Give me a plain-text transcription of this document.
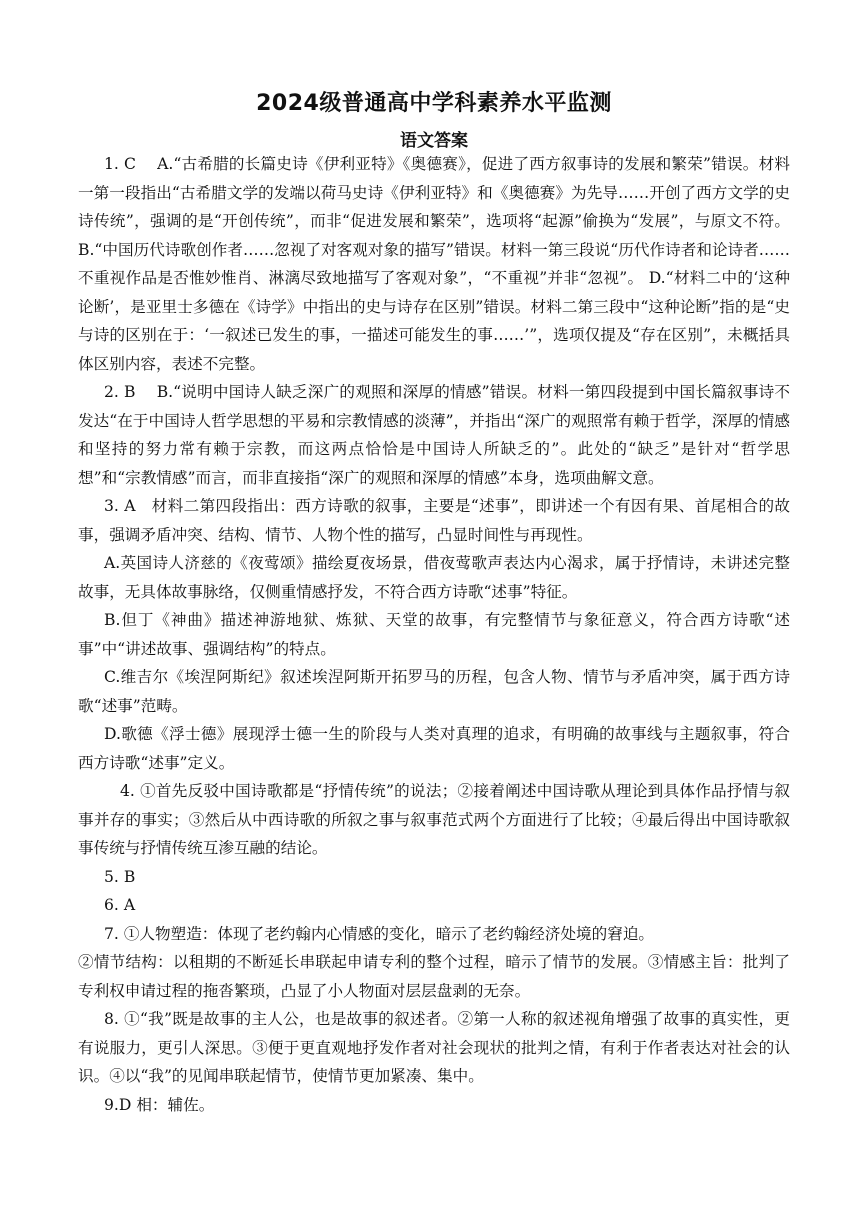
2024级普通高中学科素养水平监测
语文答案

1. C　 A.“古希腊的长篇史诗《伊利亚特》《奥德赛》，促进了西方叙事诗的发展和繁荣”错误。材料一第一段指出“古希腊文学的发端以荷马史诗《伊利亚特》和《奥德赛》为先导……开创了西方文学的史诗传统”，强调的是“开创传统”，而非“促进发展和繁荣”，选项将“起源”偷换为“发展”，与原文不符。B.“中国历代诗歌创作者……忽视了对客观对象的描写”错误。材料一第三段说“历代作诗者和论诗者……不重视作品是否惟妙惟肖、淋漓尽致地描写了客观对象”，“不重视”并非“忽视”。 D.“材料二中的‘这种论断’，是亚里士多德在《诗学》中指出的史与诗存在区别”错误。材料二第三段中“这种论断”指的是“史与诗的区别在于：‘一叙述已发生的事，一描述可能发生的事……’”，选项仅提及“存在区别”，未概括具体区别内容，表述不完整。

2. B　 B.“说明中国诗人缺乏深广的观照和深厚的情感”错误。材料一第四段提到中国长篇叙事诗不发达“在于中国诗人哲学思想的平易和宗教情感的淡薄”，并指出“深广的观照常有赖于哲学，深厚的情感和坚持的努力常有赖于宗教，而这两点恰恰是中国诗人所缺乏的”。此处的“缺乏”是针对“哲学思想”和“宗教情感”而言，而非直接指“深广的观照和深厚的情感”本身，选项曲解文意。

3. A　材料二第四段指出：西方诗歌的叙事，主要是“述事”，即讲述一个有因有果、首尾相合的故事，强调矛盾冲突、结构、情节、人物个性的描写，凸显时间性与再现性。

A.英国诗人济慈的《夜莺颂》描绘夏夜场景，借夜莺歌声表达内心渴求，属于抒情诗，未讲述完整故事，无具体故事脉络，仅侧重情感抒发，不符合西方诗歌“述事”特征。

B.但丁《神曲》描述神游地狱、炼狱、天堂的故事，有完整情节与象征意义，符合西方诗歌“述事”中“讲述故事、强调结构”的特点。

C.维吉尔《埃涅阿斯纪》叙述埃涅阿斯开拓罗马的历程，包含人物、情节与矛盾冲突，属于西方诗歌“述事”范畴。

D.歌德《浮士德》展现浮士德一生的阶段与人类对真理的追求，有明确的故事线与主题叙事，符合西方诗歌“述事”定义。

4. ①首先反驳中国诗歌都是“抒情传统”的说法；②接着阐述中国诗歌从理论到具体作品抒情与叙事并存的事实；③然后从中西诗歌的所叙之事与叙事范式两个方面进行了比较；④最后得出中国诗歌叙事传统与抒情传统互渗互融的结论。

5. B

6. A

7. ①人物塑造：体现了老约翰内心情感的变化，暗示了老约翰经济处境的窘迫。

②情节结构：以租期的不断延长串联起申请专利的整个过程，暗示了情节的发展。③情感主旨：批判了专利权申请过程的拖沓繁琐，凸显了小人物面对层层盘剥的无奈。

8. ①“我”既是故事的主人公，也是故事的叙述者。②第一人称的叙述视角增强了故事的真实性，更有说服力，更引人深思。③便于更直观地抒发作者对社会现状的批判之情，有利于作者表达对社会的认识。④以“我”的见闻串联起情节，使情节更加紧凑、集中。

9.D 相：辅佐。
